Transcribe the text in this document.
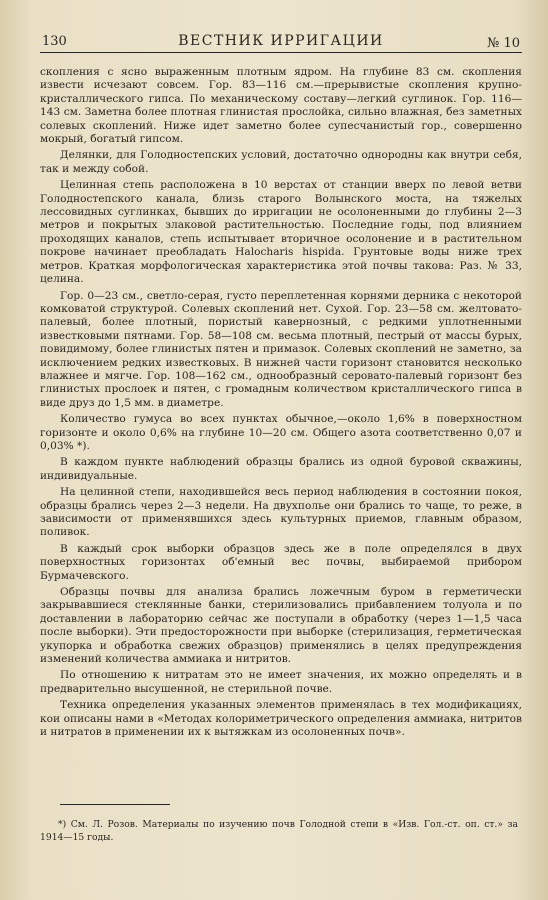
130	ВЕСТНИК ИРРИГАЦИИ	№ 10

скопления с ясно выраженным плотным ядром. На глубине 83 см. скопления извести исчезают совсем. Гор. 83—116 см.—прерывистые скопления крупно-кристаллического гипса. По механическому составу—легкий суглинок. Гор. 116—143 см. Заметна более плотная глинистая прослойка, сильно влажная, без заметных солевых скоплений. Ниже идет заметно более супесчанистый гор., совершенно мокрый, богатый гипсом.

Делянки, для Голодностепских условий, достаточно однородны как внутри себя, так и между собой.

Целинная степь расположена в 10 верстах от станции вверх по левой ветви Голодностепского канала, близь старого Волынского моста, на тяжелых лессовидных суглинках, бывших до ирригации не осолоненными до глубины 2—3 метров и покрытых злаковой растительностью. Последние годы, под влиянием проходящих каналов, степь испытывает вторичное осолонение и в растительном покрове начинает преобладать Halocharis hispida. Грунтовые воды ниже трех метров. Краткая морфологическая характеристика этой почвы такова: Раз. № 33, целина.

Гор. 0—23 см., светло-серая, густо переплетенная корнями дерника с некоторой комковатой структурой. Солевых скоплений нет. Сухой. Гор. 23—58 см. желтовато-палевый, более плотный, пористый кавернозный, с редкими уплотненными известковыми пятнами. Гор. 58—108 см. весьма плотный, пестрый от массы бурых, повидимому, более глинистых пятен и примазок. Солевых скоплений не заметно, за исключением редких известковых. В нижней части горизонт становится несколько влажнее и мягче. Гор. 108—162 см., однообразный серовато-палевый горизонт без глинистых прослоек и пятен, с громадным количеством кристаллического гипса в виде друз до 1,5 мм. в диаметре.

Количество гумуса во всех пунктах обычное,—около 1,6% в поверхностном горизонте и около 0,6% на глубине 10—20 см. Общего азота соответственно 0,07 и 0,03% *).

В каждом пункте наблюдений образцы брались из одной буровой скважины, индивидуальные.

На целинной степи, находившейся весь период наблюдения в состоянии покоя, образцы брались через 2—3 недели. На двухполье они брались то чаще, то реже, в зависимости от применявшихся здесь культурных приемов, главным образом, поливок.

В каждый срок выборки образцов здесь же в поле определялся в двух поверхностных горизонтах об'емный вес почвы, выбираемой прибором Бурмачевского.

Образцы почвы для анализа брались ложечным буром в герметически закрывавшиеся стеклянные банки, стерилизовались прибавлением толуола и по доставлении в лабораторию сейчас же поступали в обработку (через 1—1,5 часа после выборки). Эти предосторожности при выборке (стерилизация, герметическая укупорка и обработка свежих образцов) применялись в целях предупреждения изменений количества аммиака и нитритов.

По отношению к нитратам это не имеет значения, их можно определять и в предварительно высушенной, не стерильной почве.

Техника определения указанных элементов применялась в тех модификациях, кои описаны нами в «Методах колориметрического определения аммиака, нитритов и нитратов в применении их к вытяжкам из осолоненных почв».

*) См. Л. Розов. Материалы по изучению почв Голодной степи в «Изв. Гол.-ст. оп. ст.» за 1914—15 годы.
